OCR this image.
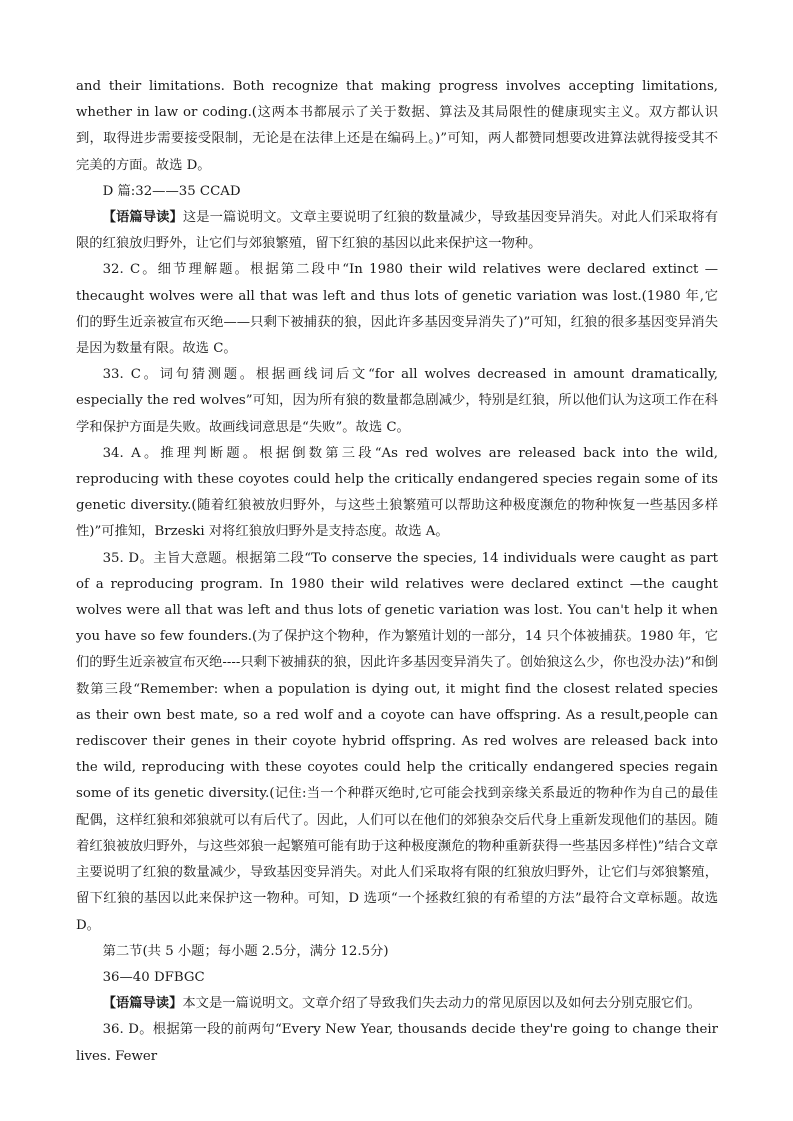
and their limitations. Both recognize that making progress involves accepting limitations, whether in law or coding.(这两本书都展示了关于数据、算法及其局限性的健康现实主义。双方都认识到，取得进步需要接受限制，无论是在法律上还是在编码上。)”可知，两人都赞同想要改进算法就得接受其不完美的方面。故选 D。

D 篇:32——35 CCAD

【语篇导读】这是一篇说明文。文章主要说明了红狼的数量减少，导致基因变异消失。对此人们采取将有限的红狼放归野外，让它们与郊狼繁殖，留下红狼的基因以此来保护这一物种。

32. C。细节理解题。根据第二段中“In 1980 their wild relatives were declared extinct — thecaught wolves were all that was left and thus lots of genetic variation was lost.(1980 年,它们的野生近亲被宣布灭绝——只剩下被捕获的狼，因此许多基因变异消失了)”可知，红狼的很多基因变异消失是因为数量有限。故选 C。

33. C。词句猜测题。根据画线词后文“for all wolves decreased in amount dramatically, especially the red wolves”可知，因为所有狼的数量都急剧减少，特别是红狼，所以他们认为这项工作在科学和保护方面是失败。故画线词意思是“失败”。故选 C。

34. A。推理判断题。根据倒数第三段“As red wolves are released back into the wild, reproducing with these coyotes could help the critically endangered species regain some of its genetic diversity.(随着红狼被放归野外，与这些土狼繁殖可以帮助这种极度濒危的物种恢复一些基因多样性)”可推知，Brzeski 对将红狼放归野外是支持态度。故选 A。

35. D。主旨大意题。根据第二段“To conserve the species, 14 individuals were caught as part of a reproducing program. In 1980 their wild relatives were declared extinct —the caught wolves were all that was left and thus lots of genetic variation was lost. You can't help it when you have so few founders.(为了保护这个物种，作为繁殖计划的一部分，14 只个体被捕获。1980 年，它们的野生近亲被宣布灭绝----只剩下被捕获的狼，因此许多基因变异消失了。创始狼这么少，你也没办法)”和倒数第三段“Remember: when a population is dying out, it might find the closest related species as their own best mate, so a red wolf and a coyote can have offspring. As a result,people can rediscover their genes in their coyote hybrid offspring. As red wolves are released back into the wild, reproducing with these coyotes could help the critically endangered species regain some of its genetic diversity.(记住:当一个种群灭绝时,它可能会找到亲缘关系最近的物种作为自己的最佳配偶，这样红狼和郊狼就可以有后代了。因此，人们可以在他们的郊狼杂交后代身上重新发现他们的基因。随着红狼被放归野外，与这些郊狼一起繁殖可能有助于这种极度濒危的物种重新获得一些基因多样性)”结合文章主要说明了红狼的数量减少，导致基因变异消失。对此人们采取将有限的红狼放归野外，让它们与郊狼繁殖，留下红狼的基因以此来保护这一物种。可知，D 选项“一个拯救红狼的有希望的方法”最符合文章标题。故选 D。

第二节(共 5 小题；每小题 2.5分，满分 12.5分)

36—40 DFBGC

【语篇导读】本文是一篇说明文。文章介绍了导致我们失去动力的常见原因以及如何去分别克服它们。

36. D。根据第一段的前两句“Every New Year, thousands decide they're going to change their lives. Fewer
